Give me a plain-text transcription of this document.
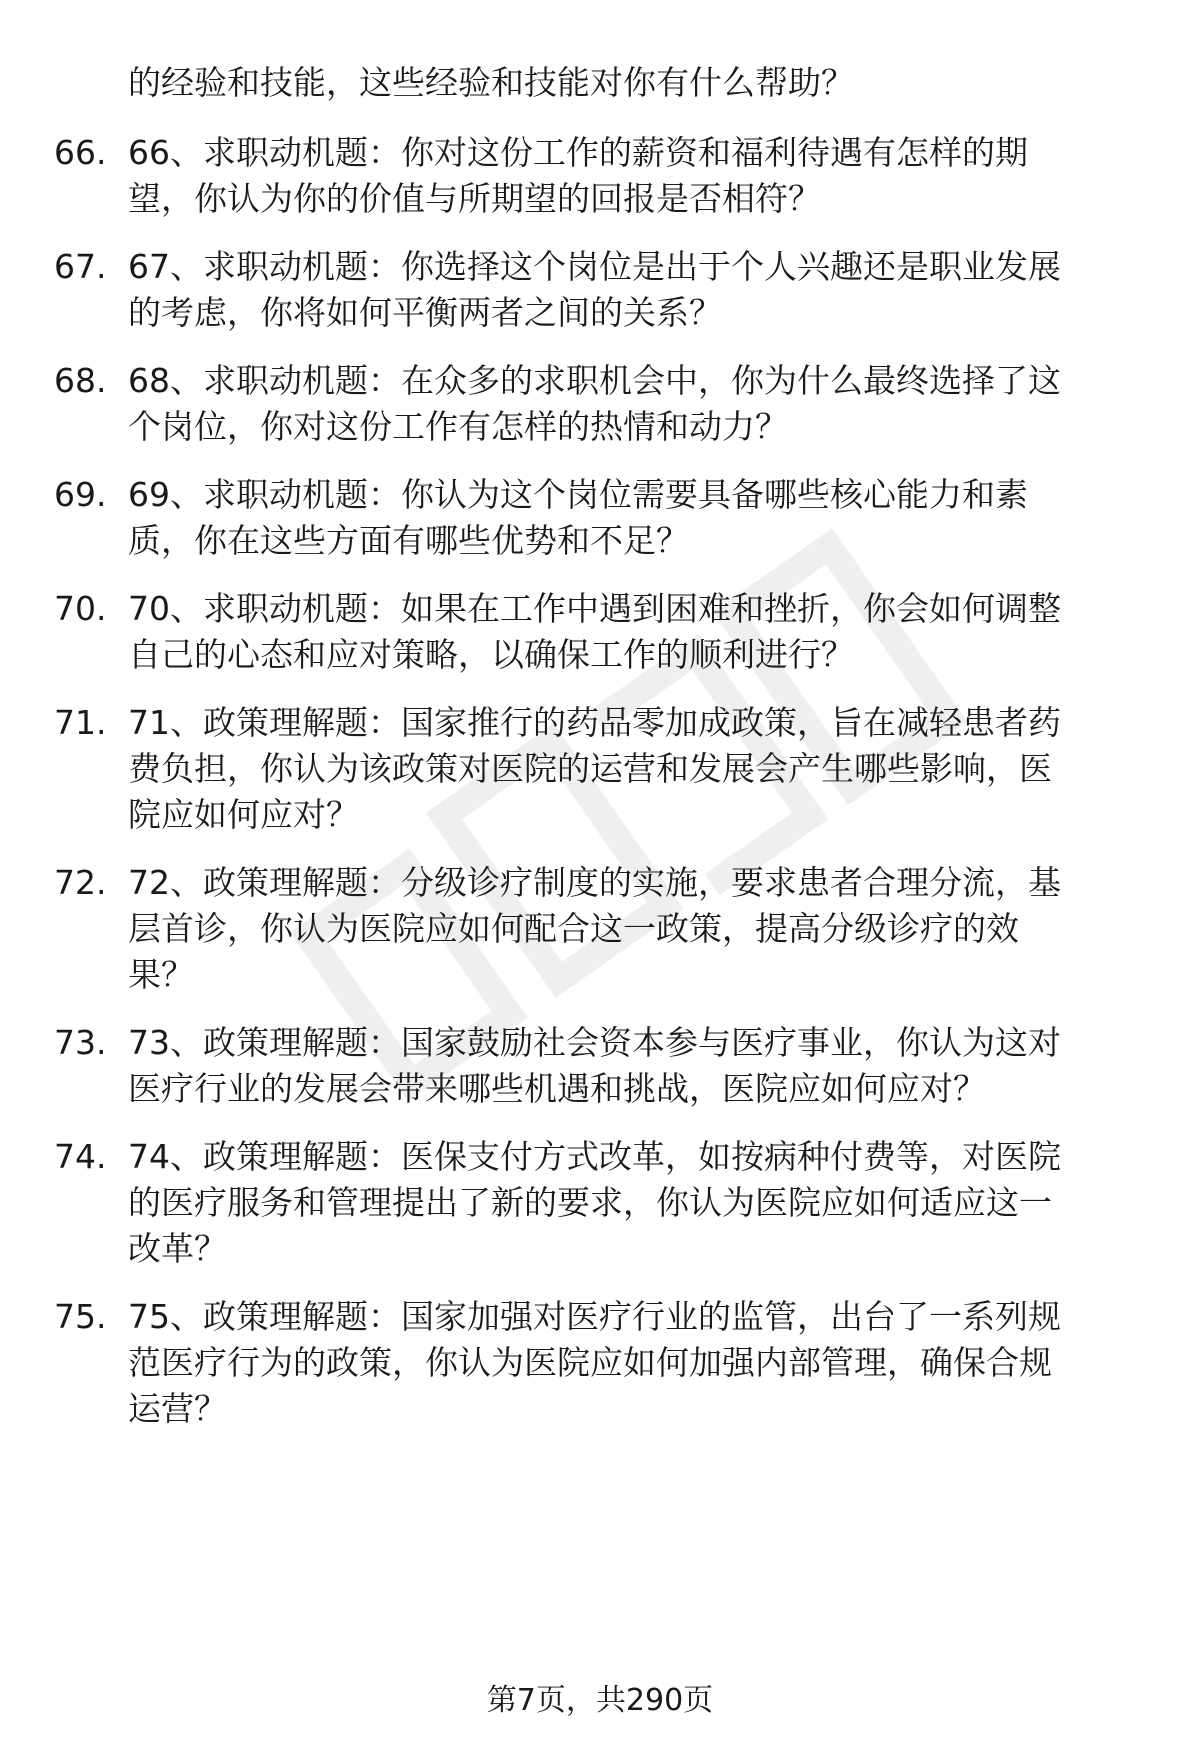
的经验和技能，这些经验和技能对你有什么帮助？
66. 66、求职动机题：你对这份工作的薪资和福利待遇有怎样的期
望，你认为你的价值与所期望的回报是否相符？
67. 67、求职动机题：你选择这个岗位是出于个人兴趣还是职业发展
的考虑，你将如何平衡两者之间的关系？
68. 68、求职动机题：在众多的求职机会中，你为什么最终选择了这
个岗位，你对这份工作有怎样的热情和动力？
69. 69、求职动机题：你认为这个岗位需要具备哪些核心能力和素
质，你在这些方面有哪些优势和不足？
70. 70、求职动机题：如果在工作中遇到困难和挫折，你会如何调整
自己的心态和应对策略，以确保工作的顺利进行？
71. 71、政策理解题：国家推行的药品零加成政策，旨在减轻患者药
费负担，你认为该政策对医院的运营和发展会产生哪些影响，医
院应如何应对？
72. 72、政策理解题：分级诊疗制度的实施，要求患者合理分流，基
层首诊，你认为医院应如何配合这一政策，提高分级诊疗的效
果？
73. 73、政策理解题：国家鼓励社会资本参与医疗事业，你认为这对
医疗行业的发展会带来哪些机遇和挑战，医院应如何应对？
74. 74、政策理解题：医保支付方式改革，如按病种付费等，对医院
的医疗服务和管理提出了新的要求，你认为医院应如何适应这一
改革？
75. 75、政策理解题：国家加强对医疗行业的监管，出台了一系列规
范医疗行为的政策，你认为医院应如何加强内部管理，确保合规
运营？
第7页，共290页
